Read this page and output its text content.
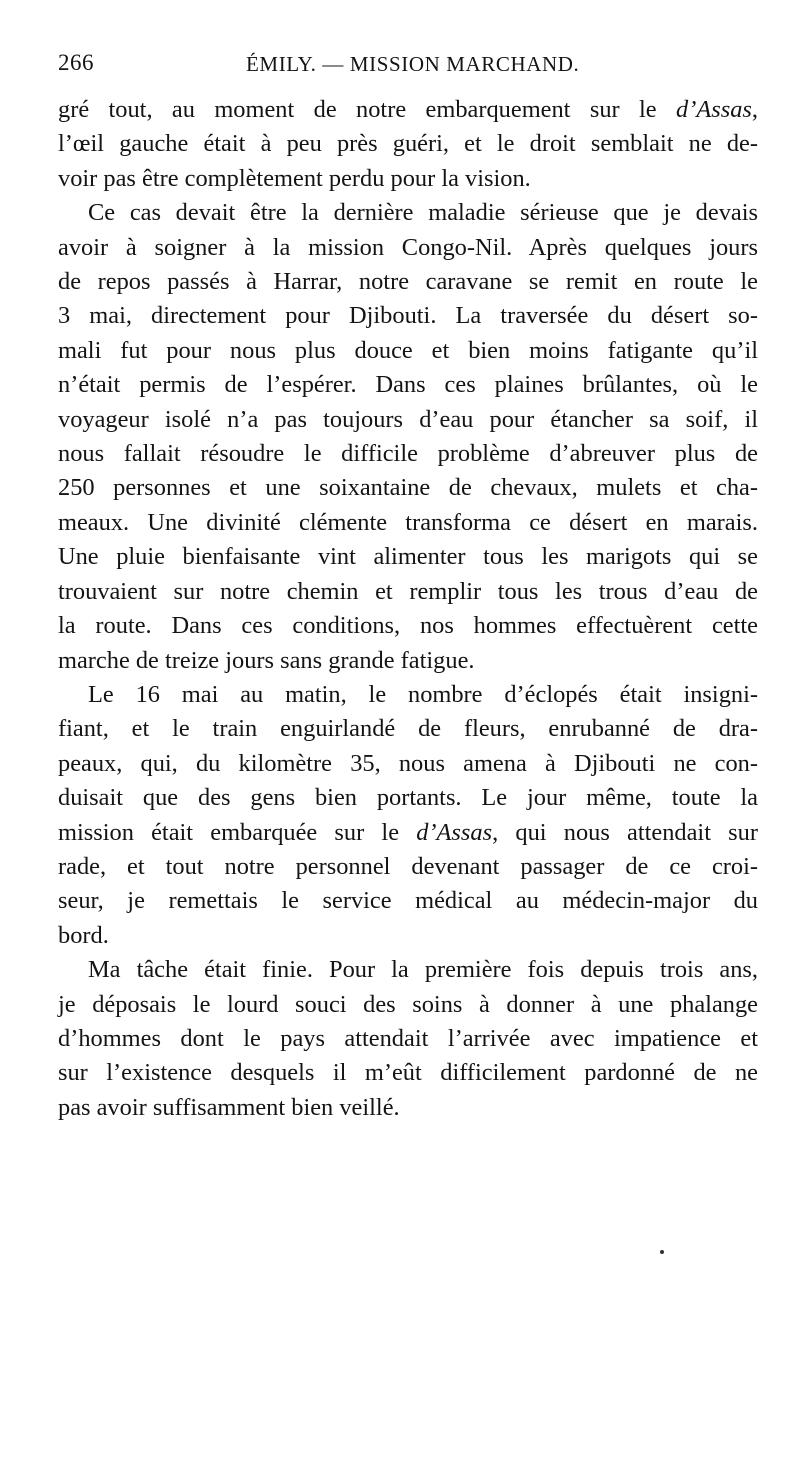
266	ÉMILY. — MISSION MARCHAND.
gré tout, au moment de notre embarquement sur le d’Assas,
l’œil gauche était à peu près guéri, et le droit semblait ne de-
voir pas être complètement perdu pour la vision.
Ce cas devait être la dernière maladie sérieuse que je devais
avoir à soigner à la mission Congo-Nil. Après quelques jours
de repos passés à Harrar, notre caravane se remit en route le
3 mai, directement pour Djibouti. La traversée du désert so-
mali fut pour nous plus douce et bien moins fatigante qu’il
n’était permis de l’espérer. Dans ces plaines brûlantes, où le
voyageur isolé n’a pas toujours d’eau pour étancher sa soif, il
nous fallait résoudre le difficile problème d’abreuver plus de
250 personnes et une soixantaine de chevaux, mulets et cha-
meaux. Une divinité clémente transforma ce désert en marais.
Une pluie bienfaisante vint alimenter tous les marigots qui se
trouvaient sur notre chemin et remplir tous les trous d’eau de
la route. Dans ces conditions, nos hommes effectuèrent cette
marche de treize jours sans grande fatigue.
Le 16 mai au matin, le nombre d’éclopés était insigni-
fiant, et le train enguirlandé de fleurs, enrubanné de dra-
peaux, qui, du kilomètre 35, nous amena à Djibouti ne con-
duisait que des gens bien portants. Le jour même, toute la
mission était embarquée sur le d’Assas, qui nous attendait sur
rade, et tout notre personnel devenant passager de ce croi-
seur, je remettais le service médical au médecin-major du
bord.
Ma tâche était finie. Pour la première fois depuis trois ans,
je déposais le lourd souci des soins à donner à une phalange
d’hommes dont le pays attendait l’arrivée avec impatience et
sur l’existence desquels il m’eût difficilement pardonné de ne
pas avoir suffisamment bien veillé.
